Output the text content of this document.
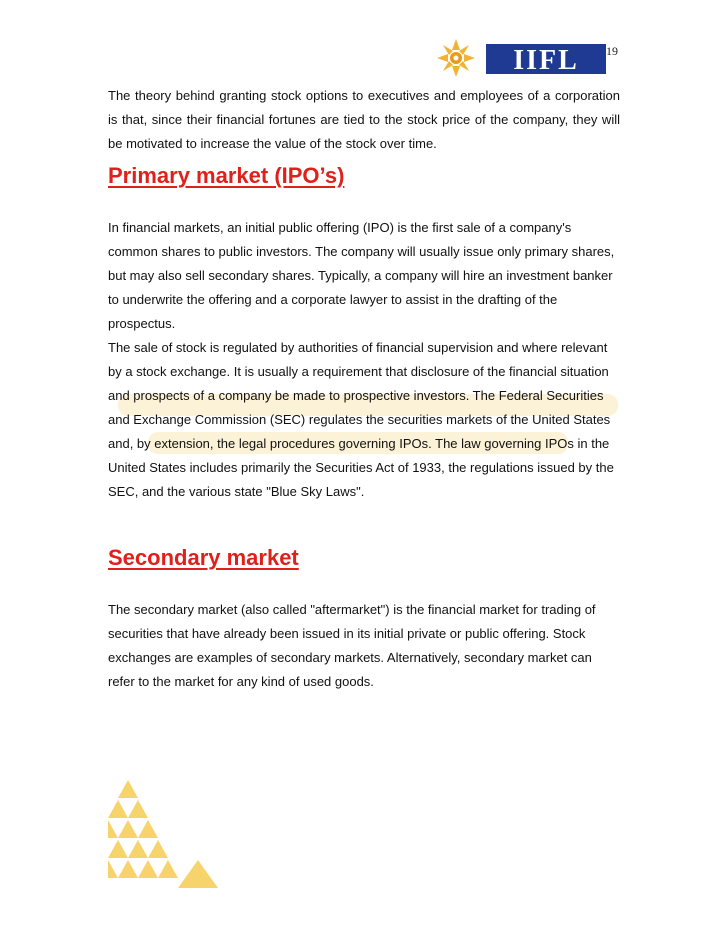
19
IIFL

The theory behind granting stock options to executives and employees of a corporation is that, since their financial fortunes are tied to the stock price of the company, they will be motivated to increase the value of the stock over time.

Primary market (IPO’s)

In financial markets, an initial public offering (IPO) is the first sale of a company's common shares to public investors. The company will usually issue only primary shares, but may also sell secondary shares. Typically, a company will hire an investment banker to underwrite the offering and a corporate lawyer to assist in the drafting of the prospectus.

The sale of stock is regulated by authorities of financial supervision and where relevant by a stock exchange. It is usually a requirement that disclosure of the financial situation and prospects of a company be made to prospective investors. The Federal Securities and Exchange Commission (SEC) regulates the securities markets of the United States and, by extension, the legal procedures governing IPOs. The law governing IPOs in the United States includes primarily the Securities Act of 1933, the regulations issued by the SEC, and the various state "Blue Sky Laws".

Secondary market

The secondary market (also called "aftermarket") is the financial market for trading of securities that have already been issued in its initial private or public offering. Stock exchanges are examples of secondary markets. Alternatively, secondary market can refer to the market for any kind of used goods.
